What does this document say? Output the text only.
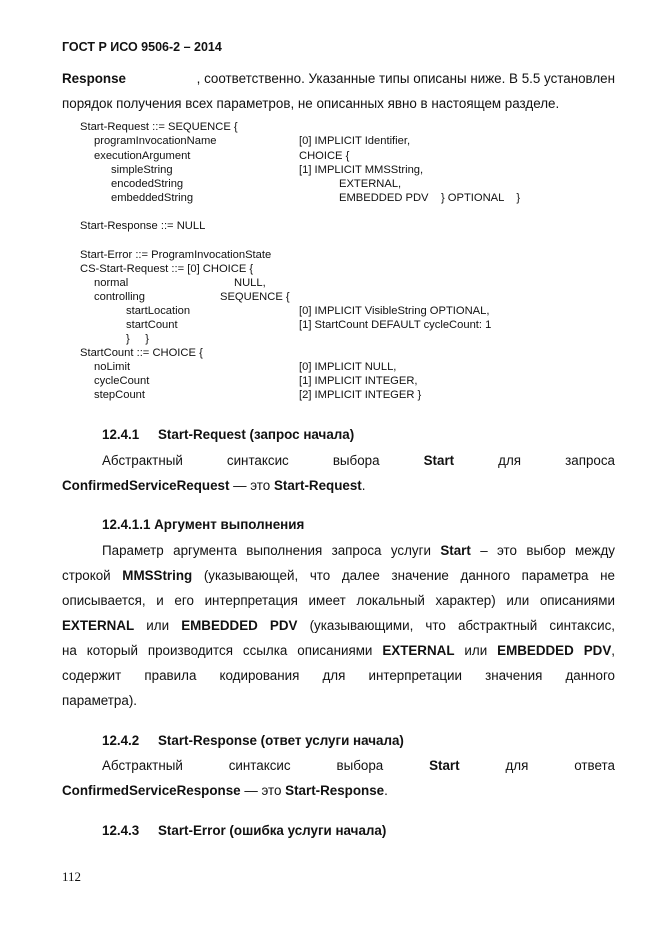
ГОСТ Р ИСО 9506-2 – 2014
Response	, соответственно. Указанные типы описаны ниже. В 5.5 установлен
порядок получения всех параметров, не описанных явно в настоящем разделе.
Start-Request ::= SEQUENCE {
programInvocationName	[0] IMPLICIT Identifier,
executionArgument	CHOICE {
simpleString	[1] IMPLICIT MMSString,
encodedString	EXTERNAL,
embeddedString	EMBEDDED PDV    } OPTIONAL    }
Start-Response ::= NULL
Start-Error ::= ProgramInvocationState
CS-Start-Request ::= [0] CHOICE {
normal	NULL,
controlling	SEQUENCE {
startLocation	[0] IMPLICIT VisibleString OPTIONAL,
startCount	[1] StartCount DEFAULT cycleCount: 1
}     }
StartCount ::= CHOICE {
noLimit	[0] IMPLICIT NULL,
cycleCount	[1] IMPLICIT INTEGER,
stepCount	[2] IMPLICIT INTEGER }
12.4.1 Start-Request (запрос начала)
Абстрактный	синтаксис	выбора	Start	для	запроса
ConfirmedServiceRequest — это Start-Request.
12.4.1.1 Аргумент выполнения
Параметр аргумента выполнения запроса услуги Start – это выбор между
строкой MMSString (указывающей, что далее значение данного параметра не
описывается, и его интерпретация имеет локальный характер) или описаниями
EXTERNAL или EMBEDDED PDV (указывающими, что абстрактный синтаксис,
на который производится ссылка описаниями EXTERNAL или EMBEDDED PDV,
содержит правила кодирования для интерпретации значения данного
параметра).
12.4.2 Start-Response (ответ услуги начала)
Абстрактный	синтаксис	выбора	Start	для	ответа
ConfirmedServiceResponse — это Start-Response.
12.4.3 Start-Error (ошибка услуги начала)
112
